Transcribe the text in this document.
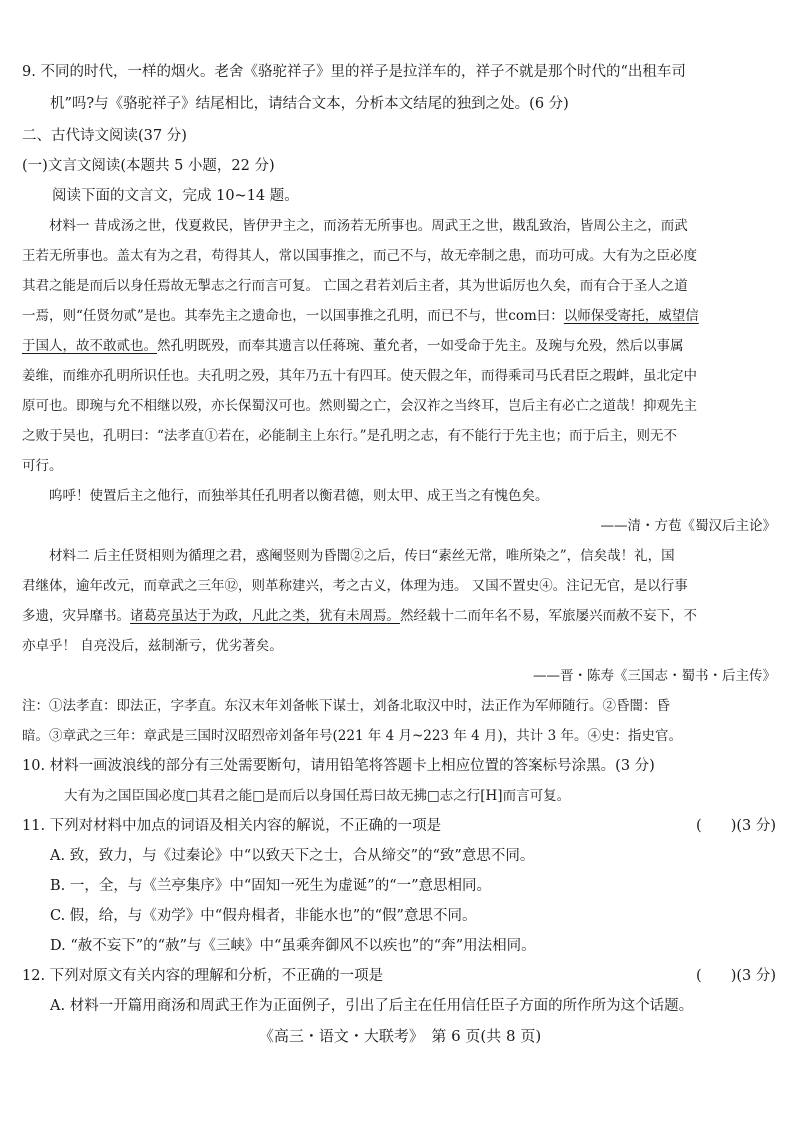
9. 不同的时代，一样的烟火。老舍《骆驼祥子》里的祥子是拉洋车的，祥子不就是那个时代的“出租车司
机”吗?与《骆驼祥子》结尾相比，请结合文本，分析本文结尾的独到之处。(6 分)
二、古代诗文阅读(37 分)
(一)文言文阅读(本题共 5 小题，22 分)
阅读下面的文言文，完成 10~14 题。
材料一 昔成汤之世，伐夏救民，皆伊尹主之，而汤若无所事也。周武王之世，戡乱致治，皆周公主之，而武
王若无所事也。盖太有为之君，苟得其人，常以国事推之，而己不与，故无牵制之患，而功可成。大有为之臣必度
其君之能是而后以身任焉故无掣志之行而言可复。 亡国之君若刘后主者，其为世诟厉也久矣，而有合于圣人之道
一焉，则“任贤勿贰”是也。其奉先主之遗命也，一以国事推之孔明，而已不与，世com曰：以师保受寄托，威望信
于国人，故不敢贰也。然孔明既殁，而奉其遗言以任蒋琬、董允者，一如受命于先主。及琬与允殁，然后以事属
姜维，而维亦孔明所识任也。夫孔明之殁，其年乃五十有四耳。使天假之年，而得乘司马氏君臣之瑕衅，虽北定中
原可也。即琬与允不相继以殁，亦长保蜀汉可也。然则蜀之亡，会汉祚之当终耳，岂后主有必亡之道哉！抑观先主
之败于吴也，孔明曰：“法孝直①若在，必能制主上东行。”是孔明之志，有不能行于先主也；而于后主，则无不
可行。
呜呼！使置后主之他行，而独举其任孔明者以衡君德，则太甲、成王当之有愧色矣。
——清・方苞《蜀汉后主论》
材料二 后主任贤相则为循理之君，惑阉竖则为昏闇②之后，传曰“素丝无常，唯所染之”，信矣哉！礼，国
君继体，逾年改元，而章武之三年⑫，则革称建兴，考之古义，体理为违。 又国不置史④。注记无官，是以行事
多遗，灾异靡书。诸葛亮虽达于为政，凡此之类，犹有未周焉。然经载十二而年名不易，军旅屡兴而赦不妄下，不
亦卓乎！ 自亮没后，兹制渐亏，优劣著矣。
——晋・陈寿《三国志・蜀书・后主传》
注：①法孝直：即法正，字孝直。东汉末年刘备帐下谋士，刘备北取汉中时，法正作为军师随行。②昏闇：昏
暗。③章武之三年：章武是三国时汉昭烈帝刘备年号(221 年 4 月~223 年 4 月)，共计 3 年。④史：指史官。
10. 材料一画波浪线的部分有三处需要断句，请用铅笔将答题卡上相应位置的答案标号涂黑。(3 分)
大有为之国臣国必度□其君之能□是而后以身国任焉曰故无拂□志之行[H]而言可复。
11. 下列对材料中加点的词语及相关内容的解说，不正确的一项是	(　　)(3 分)
A. 致，致力，与《过秦论》中“以致天下之士，合从缔交”的“致”意思不同。
B. 一，全，与《兰亭集序》中“固知一死生为虚诞”的“一”意思相同。
C. 假，给，与《劝学》中“假舟楫者，非能水也”的“假”意思不同。
D. “赦不妄下”的“赦”与《三峡》中“虽乘奔御风不以疾也”的“奔”用法相同。
12. 下列对原文有关内容的理解和分析，不正确的一项是	(　　)(3 分)
A. 材料一开篇用商汤和周武王作为正面例子，引出了后主在任用信任臣子方面的所作所为这个话题。
《高三・语文・大联考》　第 6 页(共 8 页)
